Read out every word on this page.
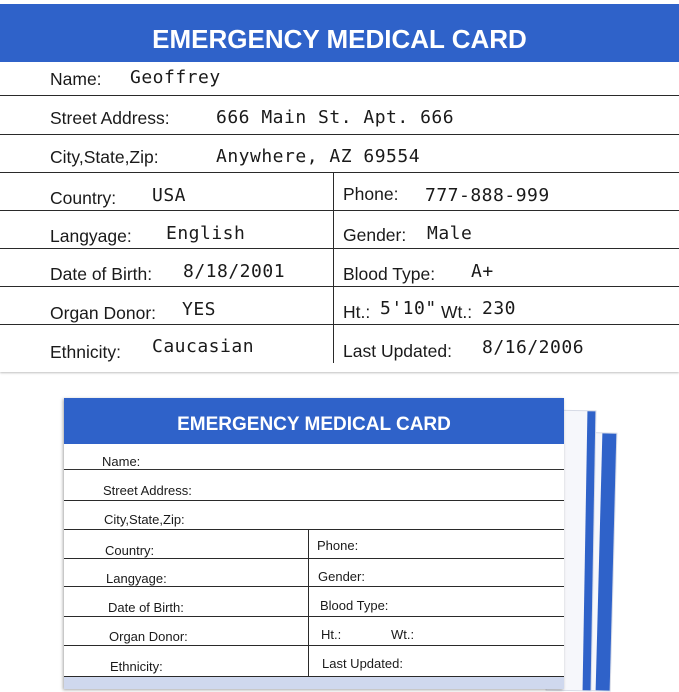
EMERGENCY MEDICAL CARD
Name: Geoffrey
Street Address:	666 Main St. Apt. 666
City,State,Zip:	Anywhere, AZ 69554
Country: USA	Phone: 777-888-999
Langyage: English	Gender: Male
Date of Birth: 8/18/2001	Blood Type: A+
Organ Donor: YES	Ht.: 5'10" Wt.: 230
Ethnicity: Caucasian	Last Updated: 8/16/2006
EMERGENCY MEDICAL CARD
Name:
Street Address:
City,State,Zip:
Country:	Phone:
Langyage:	Gender:
Date of Birth:	Blood Type:
Organ Donor:	Ht.:	Wt.:
Ethnicity:	Last Updated:
